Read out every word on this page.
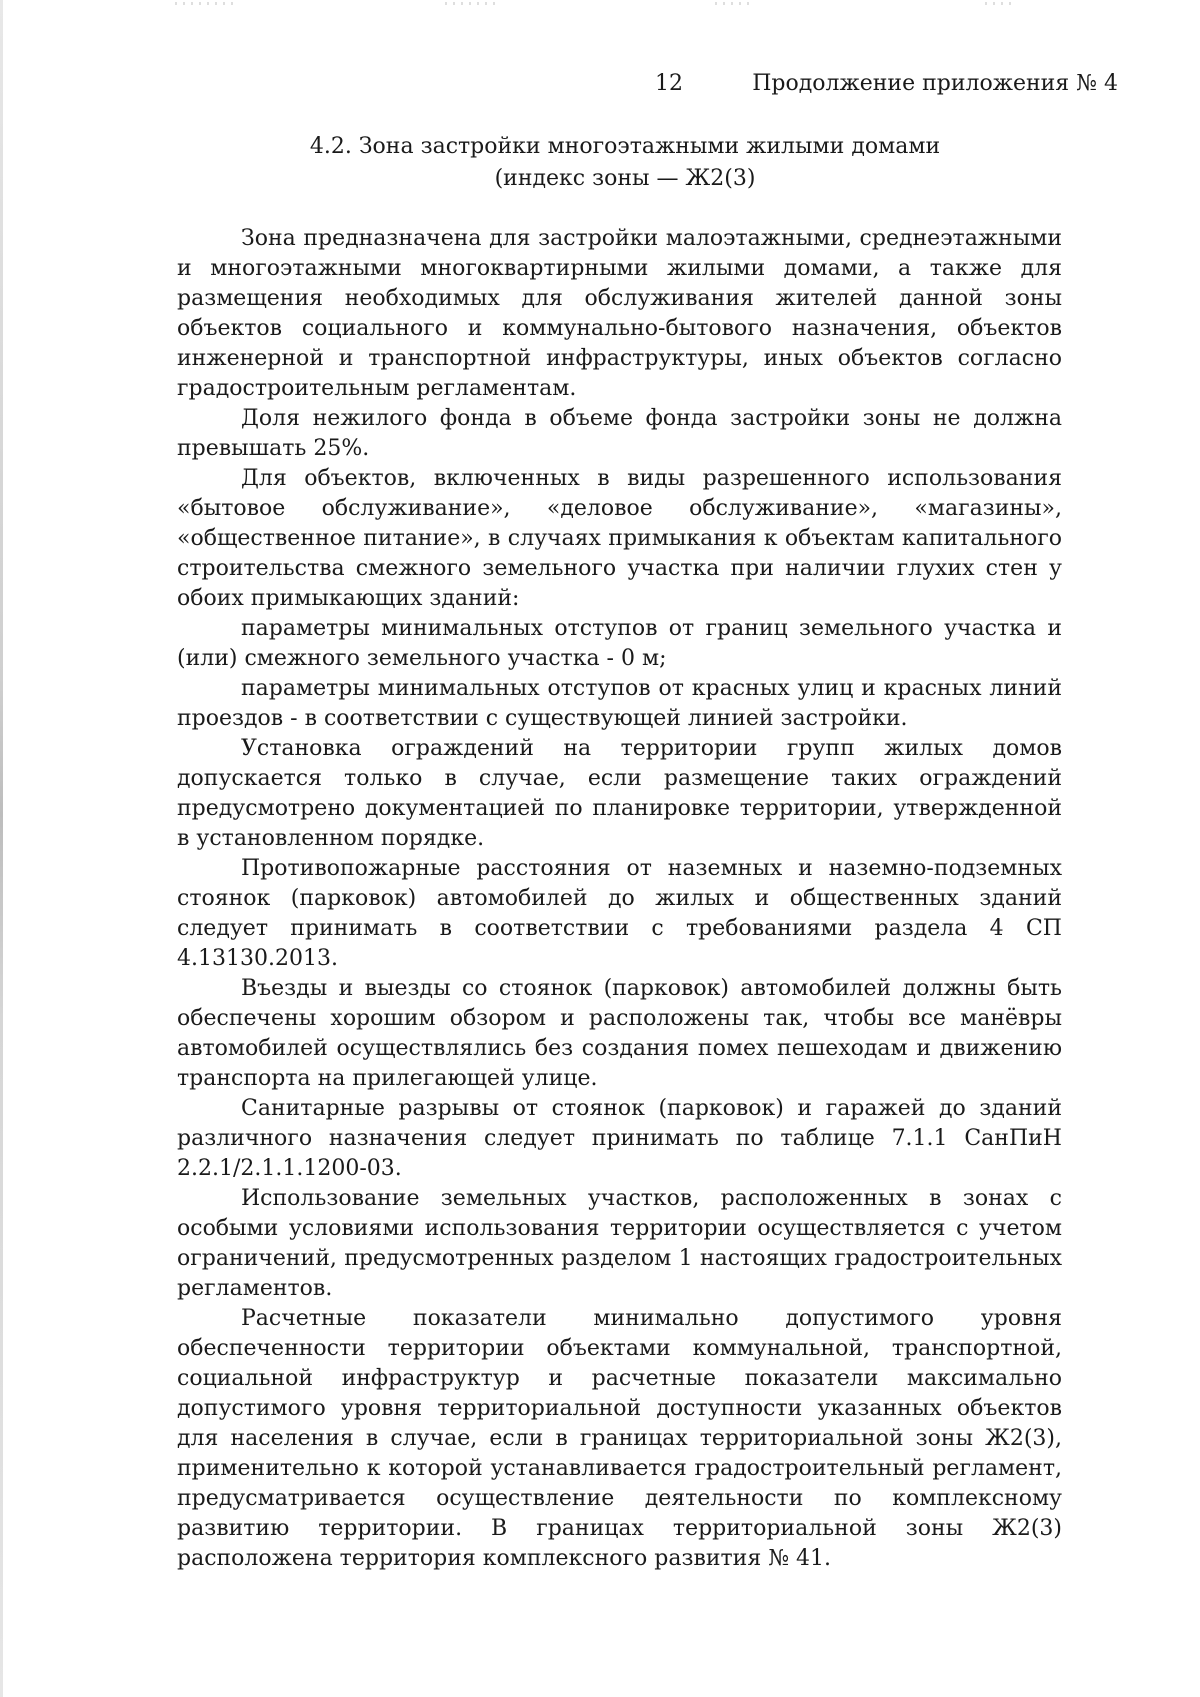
12	Продолжение приложения № 4
4.2. Зона застройки многоэтажными жилыми домами
(индекс зоны — Ж2(3)

Зона предназначена для застройки малоэтажными, среднеэтажными и многоэтажными многоквартирными жилыми домами, а также для размещения необходимых для обслуживания жителей данной зоны объектов социального и коммунально-бытового назначения, объектов инженерной и транспортной инфраструктуры, иных объектов согласно градостроительным регламентам.

Доля нежилого фонда в объеме фонда застройки зоны не должна превышать 25%.

Для объектов, включенных в виды разрешенного использования «бытовое обслуживание», «деловое обслуживание», «магазины», «общественное питание», в случаях примыкания к объектам капитального строительства смежного земельного участка при наличии глухих стен у обоих примыкающих зданий:

параметры минимальных отступов от границ земельного участка и (или) смежного земельного участка - 0 м;

параметры минимальных отступов от красных улиц и красных линий проездов - в соответствии с существующей линией застройки.

Установка ограждений на территории групп жилых домов допускается только в случае, если размещение таких ограждений предусмотрено документацией по планировке территории, утвержденной в установленном порядке.

Противопожарные расстояния от наземных и наземно-подземных стоянок (парковок) автомобилей до жилых и общественных зданий следует принимать в соответствии с требованиями раздела 4 СП 4.13130.2013.

Въезды и выезды со стоянок (парковок) автомобилей должны быть обеспечены хорошим обзором и расположены так, чтобы все манёвры автомобилей осуществлялись без создания помех пешеходам и движению транспорта на прилегающей улице.

Санитарные разрывы от стоянок (парковок) и гаражей до зданий различного назначения следует принимать по таблице 7.1.1 СанПиН 2.2.1/2.1.1.1200-03.

Использование земельных участков, расположенных в зонах с особыми условиями использования территории осуществляется с учетом ограничений, предусмотренных разделом 1 настоящих градостроительных регламентов.

Расчетные показатели минимально допустимого уровня обеспеченности территории объектами коммунальной, транспортной, социальной инфраструктур и расчетные показатели максимально допустимого уровня территориальной доступности указанных объектов для населения в случае, если в границах территориальной зоны Ж2(3), применительно к которой устанавливается градостроительный регламент, предусматривается осуществление деятельности по комплексному развитию территории. В границах территориальной зоны Ж2(3) расположена территория комплексного развития № 41.
